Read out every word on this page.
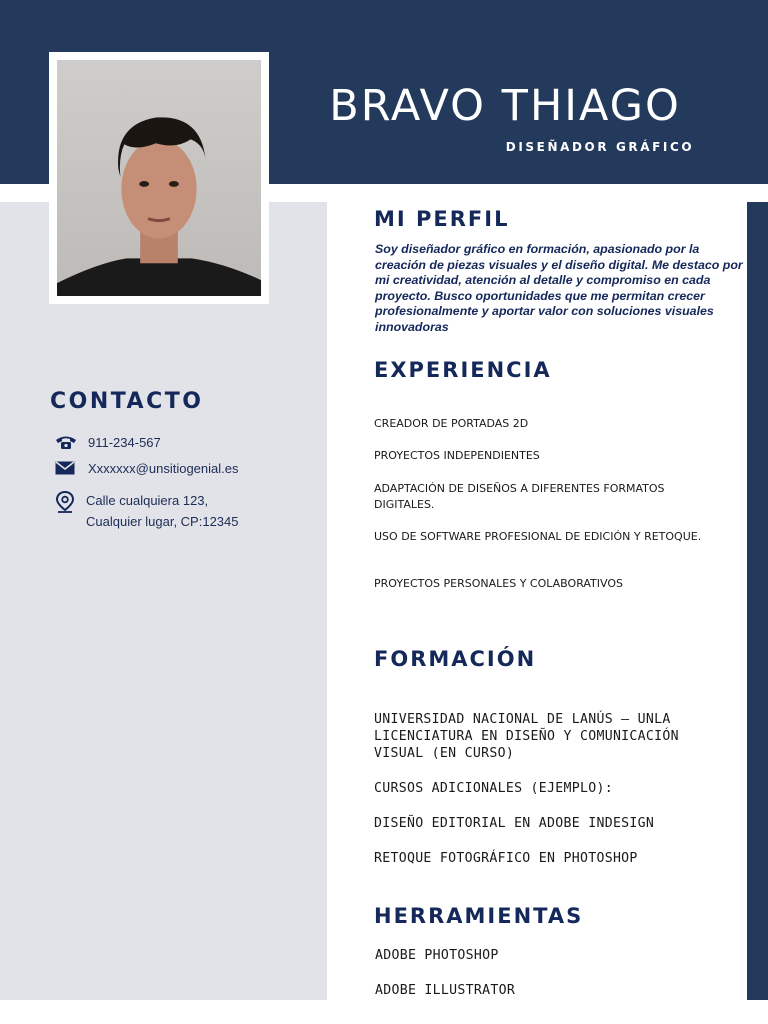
BRAVO THIAGO
DISEÑADOR GRÁFICO
CONTACTO
911-234-567
Xxxxxxx@unsitiogenial.es
Calle cualquiera 123,
Cualquier lugar, CP:12345
MI PERFIL
Soy diseñador gráfico en formación, apasionado por la creación de piezas visuales y el diseño digital. Me destaco por mi creatividad, atención al detalle y compromiso en cada proyecto. Busco oportunidades que me permitan crecer profesionalmente y aportar valor con soluciones visuales innovadoras
EXPERIENCIA
CREADOR DE PORTADAS 2D
PROYECTOS INDEPENDIENTES
ADAPTACIÓN DE DISEÑOS A DIFERENTES FORMATOS DIGITALES.
USO DE SOFTWARE PROFESIONAL DE EDICIÓN Y RETOQUE.
PROYECTOS PERSONALES Y COLABORATIVOS
FORMACIÓN
UNIVERSIDAD NACIONAL DE LANÚS – UNLA LICENCIATURA EN DISEÑO Y COMUNICACIÓN VISUAL (EN CURSO)
CURSOS ADICIONALES (EJEMPLO):
DISEÑO EDITORIAL EN ADOBE INDESIGN
RETOQUE FOTOGRÁFICO EN PHOTOSHOP
HERRAMIENTAS
ADOBE PHOTOSHOP
ADOBE ILLUSTRATOR
